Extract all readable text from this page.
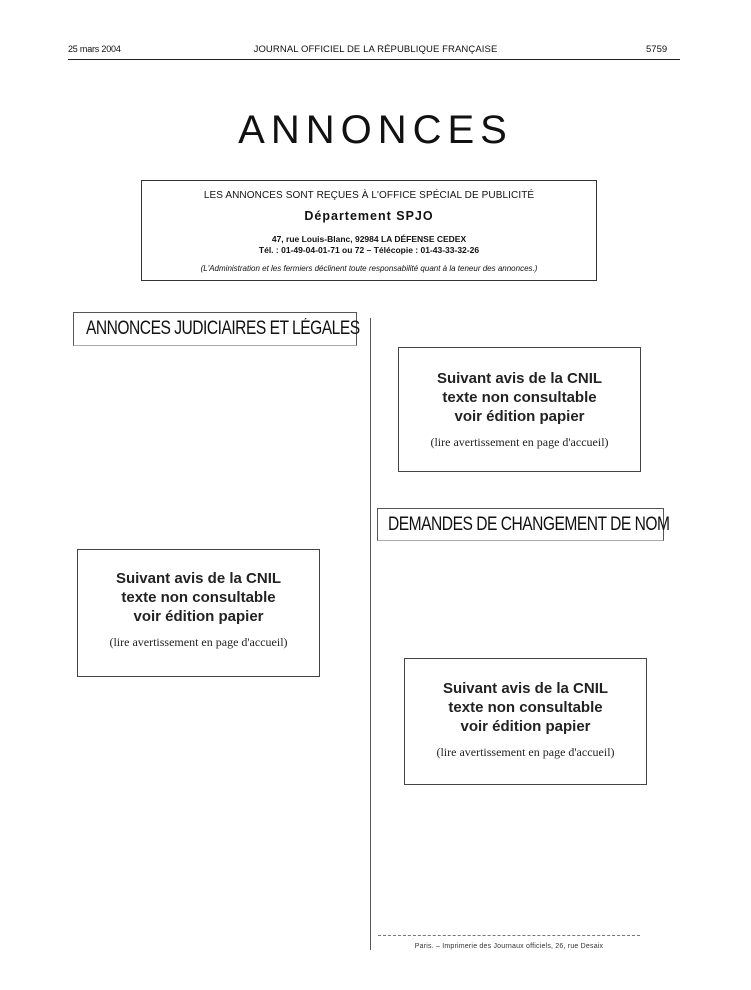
25 mars 2004	JOURNAL OFFICIEL DE LA RÉPUBLIQUE FRANÇAISE	5759
ANNONCES
LES ANNONCES SONT REÇUES À L'OFFICE SPÉCIAL DE PUBLICITÉ
Département SPJO
47, rue Louis-Blanc, 92984 LA DÉFENSE CEDEX
Tél. : 01-49-04-01-71 ou 72 – Télécopie : 01-43-33-32-26
(L'Administration et les fermiers déclinent toute responsabilité quant à la teneur des annonces.)
ANNONCES JUDICIAIRES ET LÉGALES
DEMANDES DE CHANGEMENT DE NOM
Suivant avis de la CNIL
texte non consultable
voir édition papier
(lire avertissement en page d'accueil)
Suivant avis de la CNIL
texte non consultable
voir édition papier
(lire avertissement en page d'accueil)
Suivant avis de la CNIL
texte non consultable
voir édition papier
(lire avertissement en page d'accueil)
Paris. – Imprimerie des Journaux officiels, 26, rue Desaix
